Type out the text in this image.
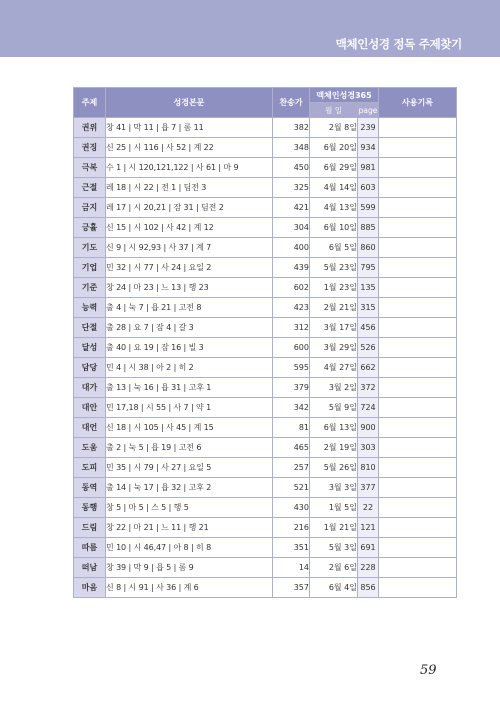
맥체인성경 정독 주제찾기
주제	성경본문	찬송가	맥체인성경365		사용기록
			월 일	page	
권위	창 41 | 막 11 | 욥 7 | 롬 11	382	2월 8일	239	
권징	신 25 | 시 116 | 사 52 | 계 22	348	6월 20일	934	
극복	수 1 | 시 120,121,122 | 사 61 | 마 9	450	6월 29일	981	
근절	레 18 | 시 22 | 전 1 | 딤전 3	325	4월 14일	603	
금지	레 17 | 시 20,21 | 잠 31 | 딤전 2	421	4월 13일	599	
긍휼	신 15 | 시 102 | 사 42 | 계 12	304	6월 10일	885	
기도	신 9 | 시 92,93 | 사 37 | 계 7	400	6월 5일	860	
기업	민 32 | 시 77 | 사 24 | 요일 2	439	5월 23일	795	
기준	창 24 | 마 23 | 느 13 | 행 23	602	1월 23일	135	
능력	출 4 | 눅 7 | 욥 21 | 고전 8	423	2월 21일	315	
단절	출 28 | 요 7 | 잠 4 | 갈 3	312	3월 17일	456	
달성	출 40 | 요 19 | 잠 16 | 빌 3	600	3월 29일	526	
담당	민 4 | 시 38 | 아 2 | 히 2	595	4월 27일	662	
대가	출 13 | 눅 16 | 욥 31 | 고후 1	379	3월 2일	372	
대안	민 17,18 | 시 55 | 사 7 | 약 1	342	5월 9일	724	
대언	신 18 | 시 105 | 사 45 | 계 15	81	6월 13일	900	
도움	출 2 | 눅 5 | 욥 19 | 고전 6	465	2월 19일	303	
도피	민 35 | 시 79 | 사 27 | 요일 5	257	5월 26일	810	
동역	출 14 | 눅 17 | 욥 32 | 고후 2	521	3월 3일	377	
동행	창 5 | 마 5 | 스 5 | 행 5	430	1월 5일	22	
드림	창 22 | 마 21 | 느 11 | 행 21	216	1월 21일	121	
따름	민 10 | 시 46,47 | 아 8 | 히 8	351	5월 3일	691	
떠남	창 39 | 막 9 | 욥 5 | 롬 9	14	2월 6일	228	
마음	신 8 | 시 91 | 사 36 | 계 6	357	6월 4일	856	
59
